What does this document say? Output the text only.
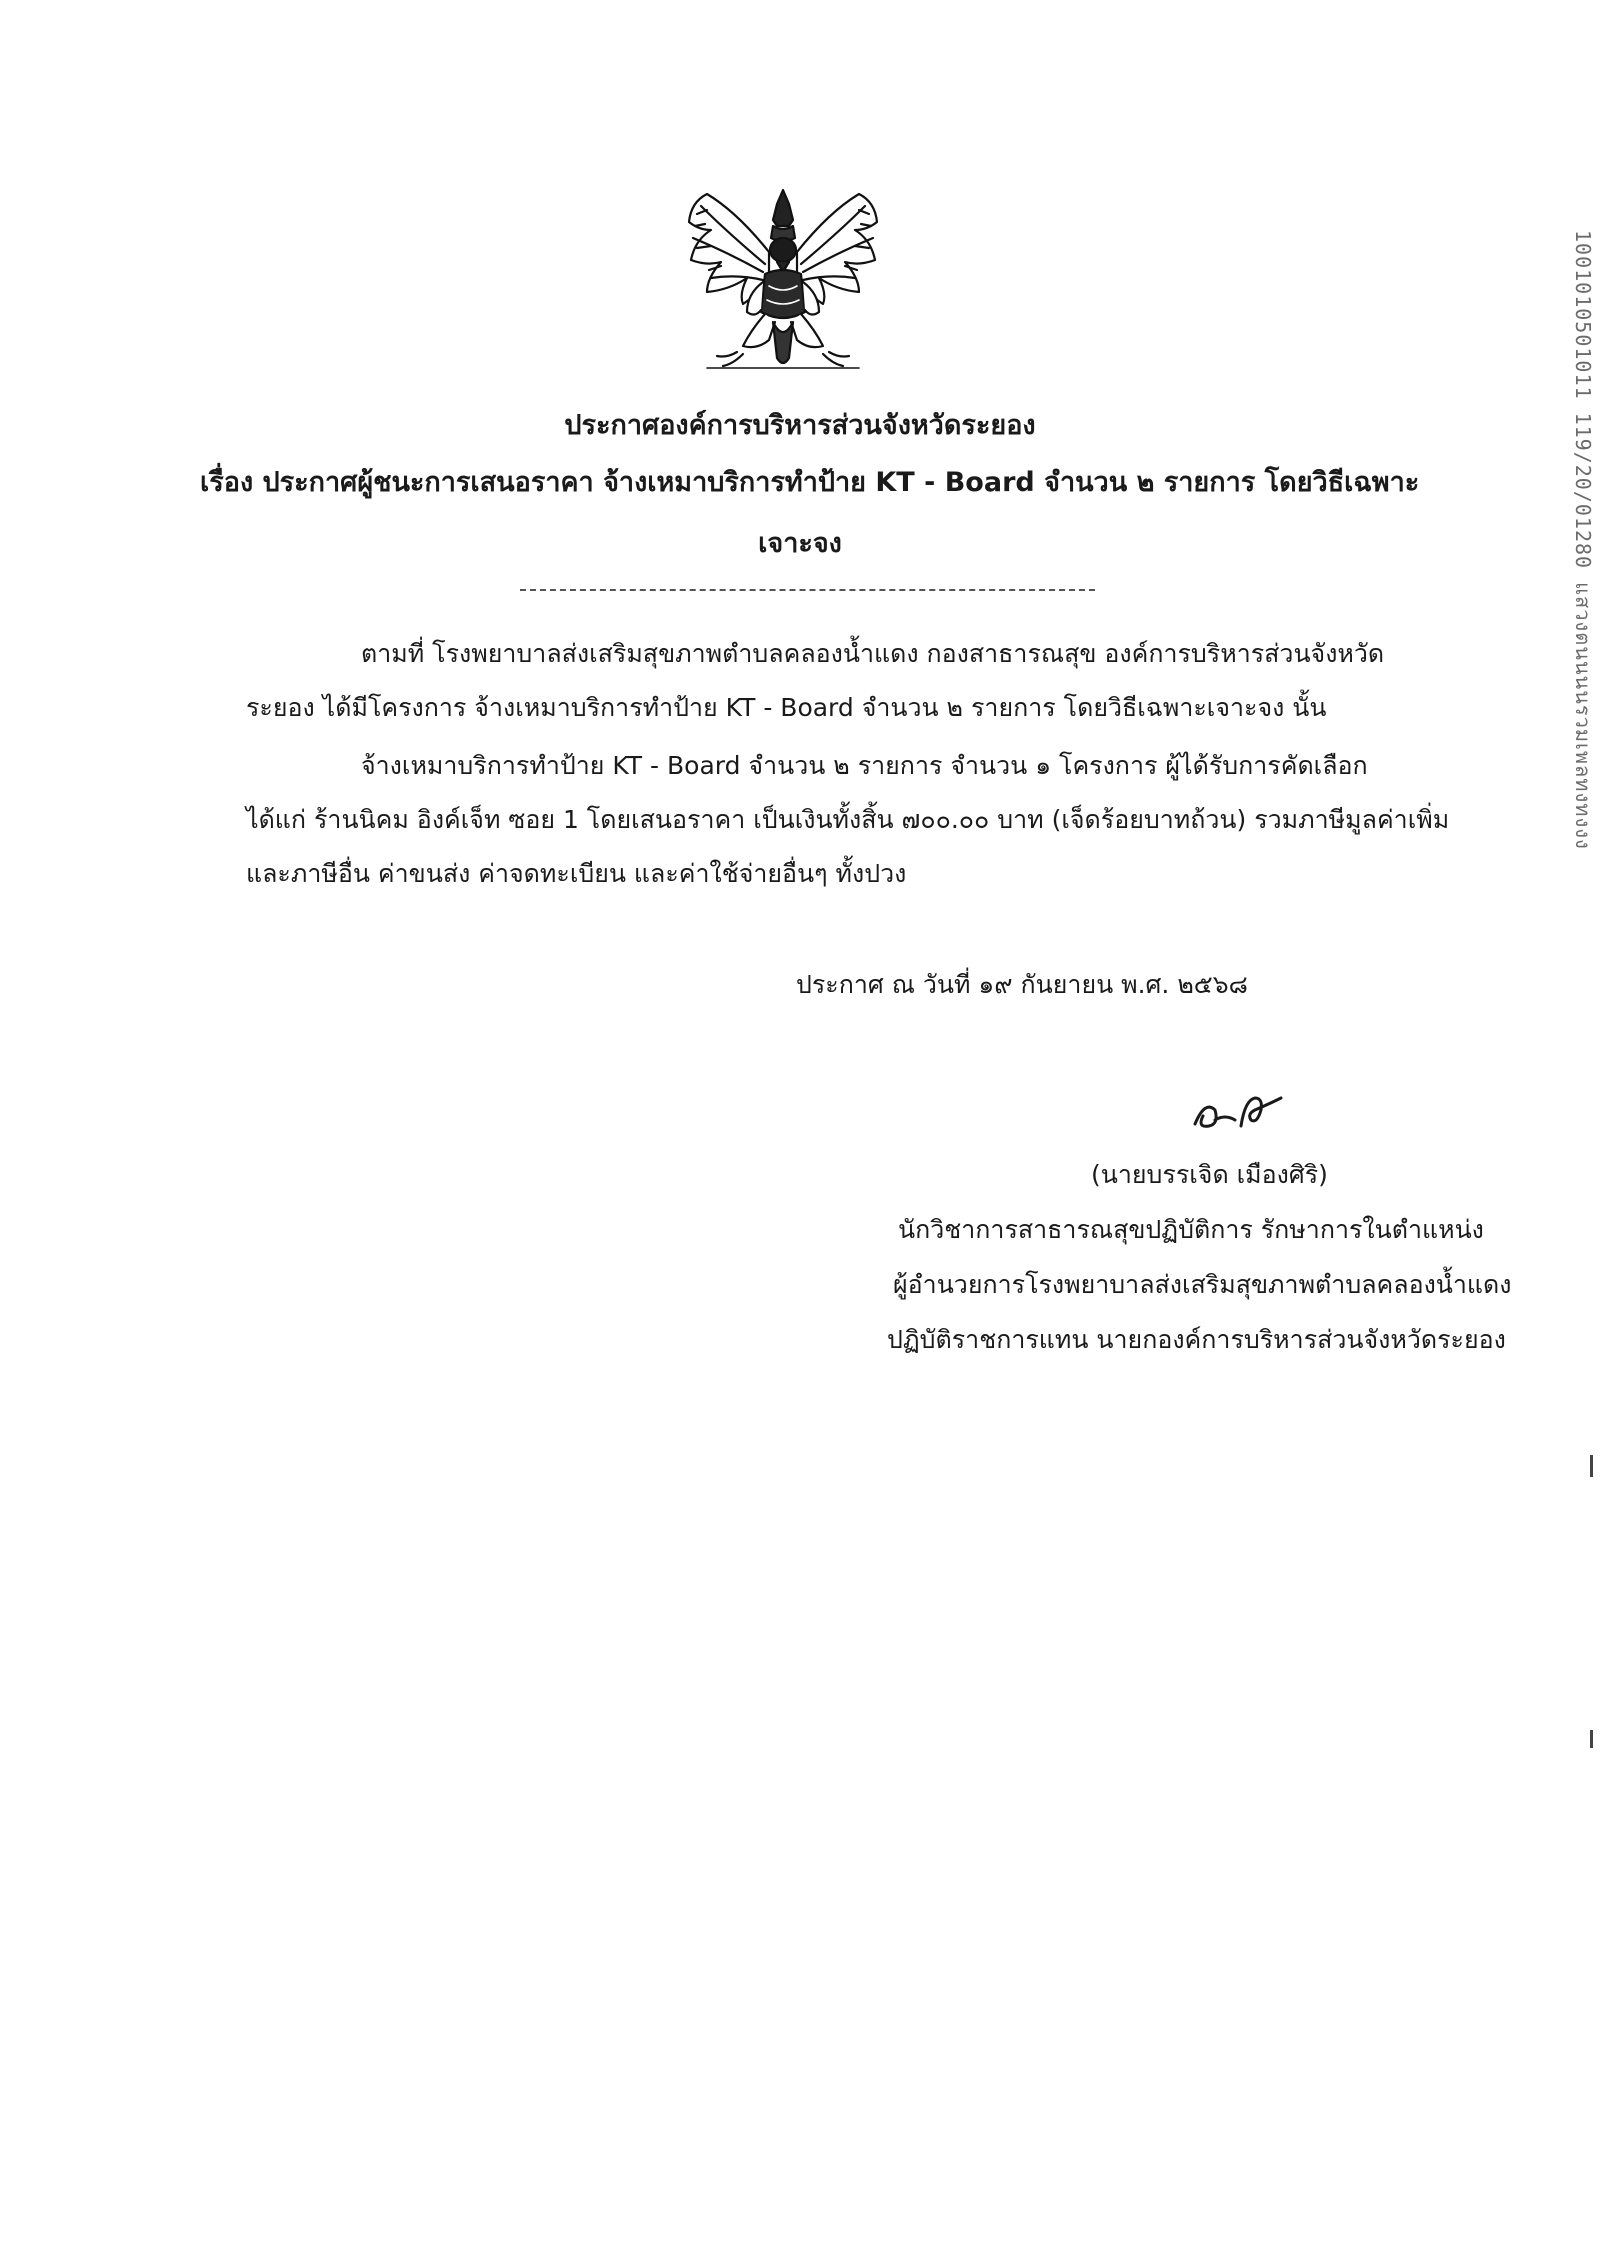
ประกาศองค์การบริหารส่วนจังหวัดระยอง
เรื่อง ประกาศผู้ชนะการเสนอราคา จ้างเหมาบริการทำป้าย KT - Board จำนวน ๒ รายการ โดยวิธีเฉพาะ
เจาะจง
ตามที่ โรงพยาบาลส่งเสริมสุขภาพตำบลคลองน้ำแดง กองสาธารณสุข องค์การบริหารส่วนจังหวัด
ระยอง ได้มีโครงการ จ้างเหมาบริการทำป้าย KT - Board จำนวน ๒ รายการ โดยวิธีเฉพาะเจาะจง นั้น
จ้างเหมาบริการทำป้าย KT - Board จำนวน ๒ รายการ จำนวน ๑ โครงการ ผู้ได้รับการคัดเลือก
ได้แก่ ร้านนิคม อิงค์เจ็ท ซอย 1 โดยเสนอราคา เป็นเงินทั้งสิ้น ๗๐๐.๐๐ บาท (เจ็ดร้อยบาทถ้วน) รวมภาษีมูลค่าเพิ่ม
และภาษีอื่น ค่าขนส่ง ค่าจดทะเบียน และค่าใช้จ่ายอื่นๆ ทั้งปวง
ประกาศ ณ วันที่ ๑๙ กันยายน พ.ศ. ๒๕๖๘
(นายบรรเจิด เมืองศิริ)
นักวิชาการสาธารณสุขปฏิบัติการ รักษาการในตำแหน่ง
ผู้อำนวยการโรงพยาบาลส่งเสริมสุขภาพตำบลคลองน้ำแดง
ปฏิบัติราชการแทน นายกองค์การบริหารส่วนจังหวัดระยอง
1001010501011 119/20/01280 แสวงตนนนนรวมเพลทงทงงง
